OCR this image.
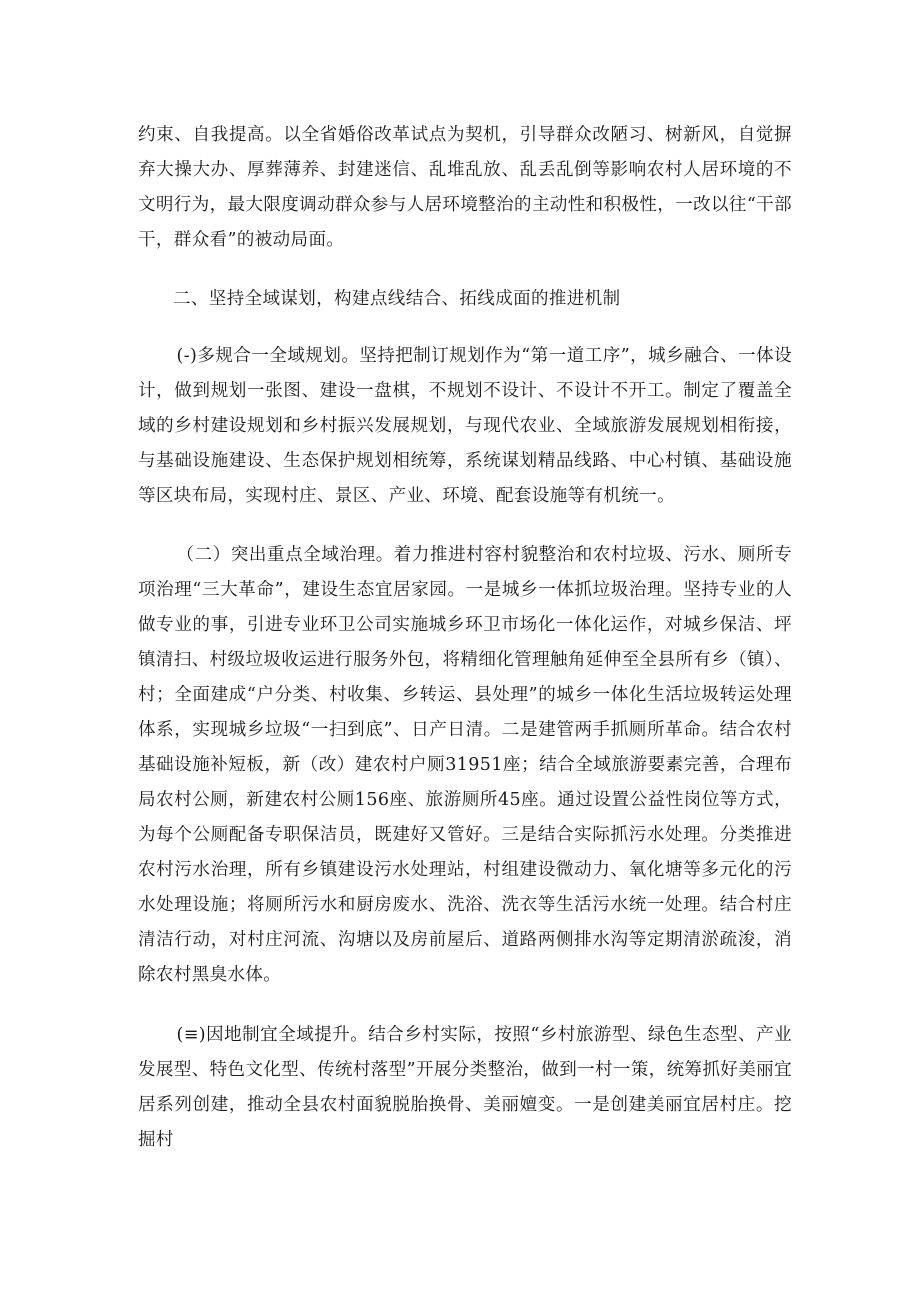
约束、自我提高。以全省婚俗改革试点为契机，引导群众改陋习、树新风，自觉摒弃大操大办、厚葬薄养、封建迷信、乱堆乱放、乱丢乱倒等影响农村人居环境的不文明行为，最大限度调动群众参与人居环境整治的主动性和积极性，一改以往“干部干，群众看”的被动局面。

二、坚持全域谋划，构建点线结合、拓线成面的推进机制

(-)多规合一全域规划。坚持把制订规划作为“第一道工序”，城乡融合、一体设计，做到规划一张图、建设一盘棋，不规划不设计、不设计不开工。制定了覆盖全域的乡村建设规划和乡村振兴发展规划，与现代农业、全域旅游发展规划相衔接，与基础设施建设、生态保护规划相统筹，系统谋划精品线路、中心村镇、基础设施等区块布局，实现村庄、景区、产业、环境、配套设施等有机统一。

（二）突出重点全域治理。着力推进村容村貌整治和农村垃圾、污水、厕所专项治理“三大革命”，建设生态宜居家园。一是城乡一体抓垃圾治理。坚持专业的人做专业的事，引进专业环卫公司实施城乡环卫市场化一体化运作，对城乡保洁、坪镇清扫、村级垃圾收运进行服务外包，将精细化管理触角延伸至全县所有乡（镇）、村；全面建成“户分类、村收集、乡转运、县处理”的城乡一体化生活垃圾转运处理体系，实现城乡垃圾“一扫到底”、日产日清。二是建管两手抓厕所革命。结合农村基础设施补短板，新（改）建农村户厕31951座；结合全域旅游要素完善，合理布局农村公厕，新建农村公厕156座、旅游厕所45座。通过设置公益性岗位等方式，为每个公厕配备专职保洁员，既建好又管好。三是结合实际抓污水处理。分类推进农村污水治理，所有乡镇建设污水处理站，村组建设微动力、氧化塘等多元化的污水处理设施；将厕所污水和厨房废水、洗浴、洗衣等生活污水统一处理。结合村庄清洁行动，对村庄河流、沟塘以及房前屋后、道路两侧排水沟等定期清淤疏浚，消除农村黑臭水体。

(≡)因地制宜全域提升。结合乡村实际，按照“乡村旅游型、绿色生态型、产业发展型、特色文化型、传统村落型”开展分类整治，做到一村一策，统筹抓好美丽宜居系列创建，推动全县农村面貌脱胎换骨、美丽嬗变。一是创建美丽宜居村庄。挖掘村
